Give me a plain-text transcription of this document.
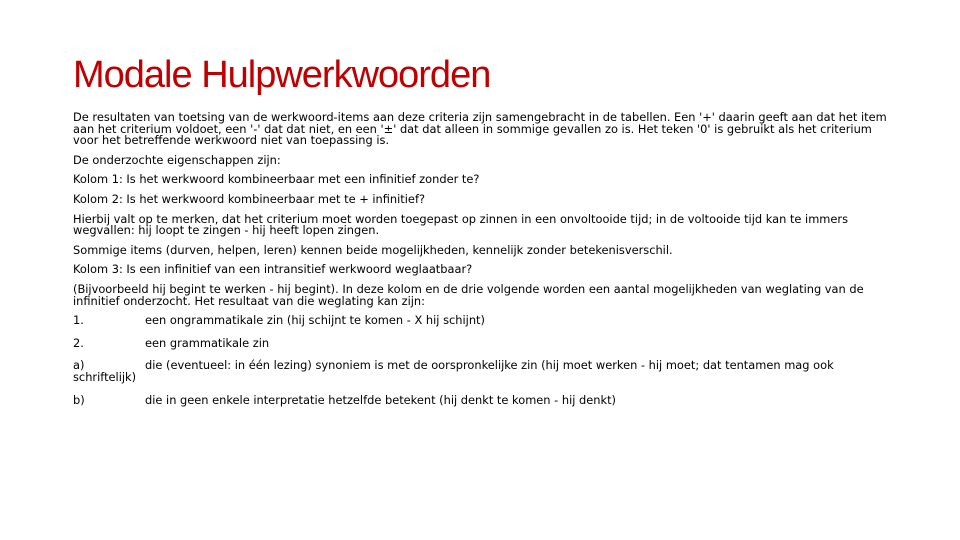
Modale Hulpwerkwoorden

De resultaten van toetsing van de werkwoord-items aan deze criteria zijn samengebracht in de tabellen. Een '+' daarin geeft aan dat het item aan het criterium voldoet, een '-' dat dat niet, en een '±' dat dat alleen in sommige gevallen zo is. Het teken '0' is gebruikt als het criterium voor het betreffende werkwoord niet van toepassing is.

De onderzochte eigenschappen zijn:

Kolom 1: Is het werkwoord kombineerbaar met een infinitief zonder te?

Kolom 2: Is het werkwoord kombineerbaar met te + infinitief?

Hierbij valt op te merken, dat het criterium moet worden toegepast op zinnen in een onvoltooide tijd; in de voltooide tijd kan te immers wegvallen: hij loopt te zingen - hij heeft lopen zingen.

Sommige items (durven, helpen, leren) kennen beide mogelijkheden, kennelijk zonder betekenisverschil.

Kolom 3: Is een infinitief van een intransitief werkwoord weglaatbaar?

(Bijvoorbeeld hij begint te werken - hij begint). In deze kolom en de drie volgende worden een aantal mogelijkheden van weglating van de infinitief onderzocht. Het resultaat van die weglating kan zijn:

1.	een ongrammatikale zin (hij schijnt te komen - X hij schijnt)
2.	een grammatikale zin
a)	die (eventueel: in één lezing) synoniem is met de oorspronkelijke zin (hij moet werken - hij moet; dat tentamen mag ook schriftelijk)
b)	die in geen enkele interpretatie hetzelfde betekent (hij denkt te komen - hij denkt)
